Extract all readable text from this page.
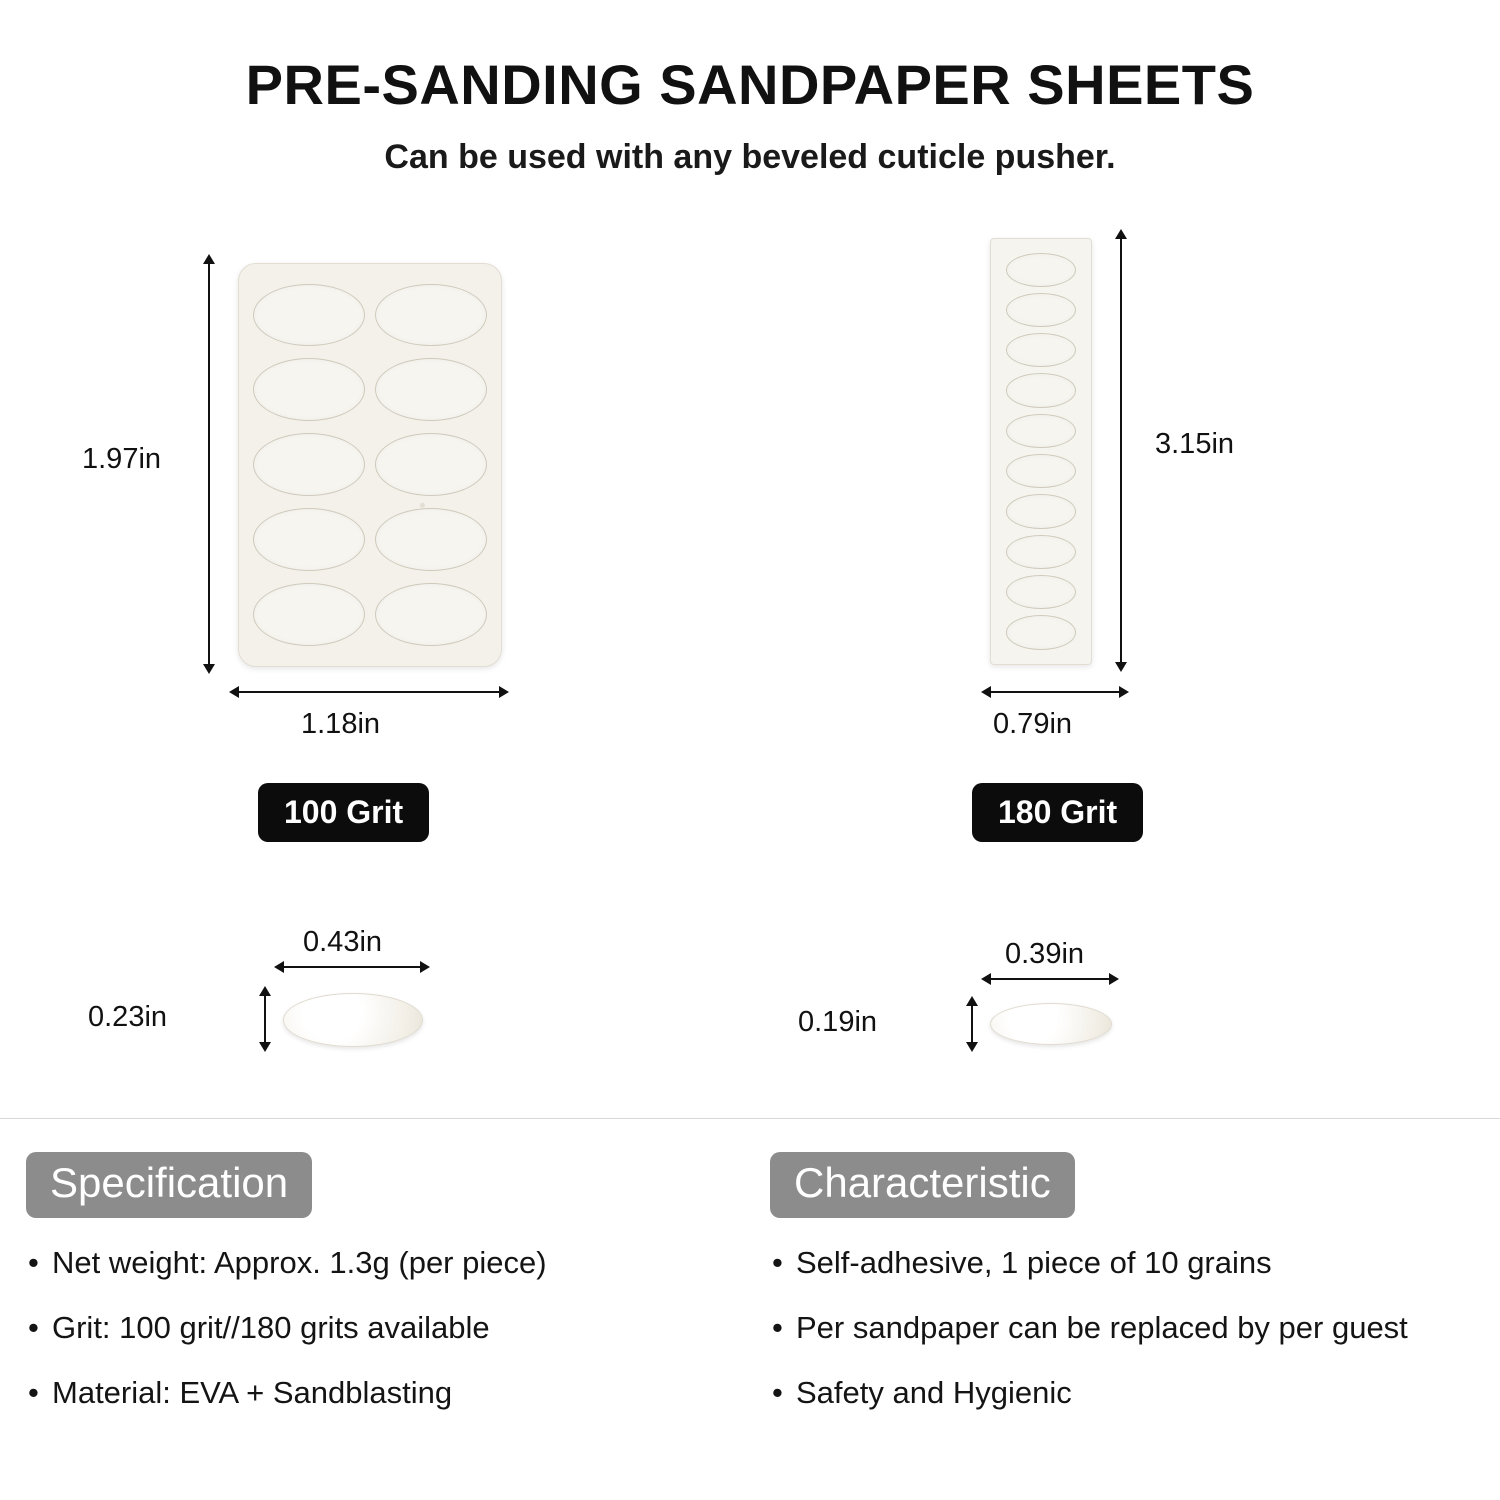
PRE-SANDING SANDPAPER SHEETS

Can be used with any beveled cuticle pusher.

1.97in
1.18in
100 Grit
0.43in
0.23in
3.15in
0.79in
180 Grit
0.39in
0.19in
Specification
• Net weight: Approx. 1.3g (per piece)
• Grit: 100 grit//180 grits available
• Material: EVA + Sandblasting
Characteristic
• Self-adhesive, 1 piece of 10 grains
• Per sandpaper can be replaced by per guest
• Safety and Hygienic
